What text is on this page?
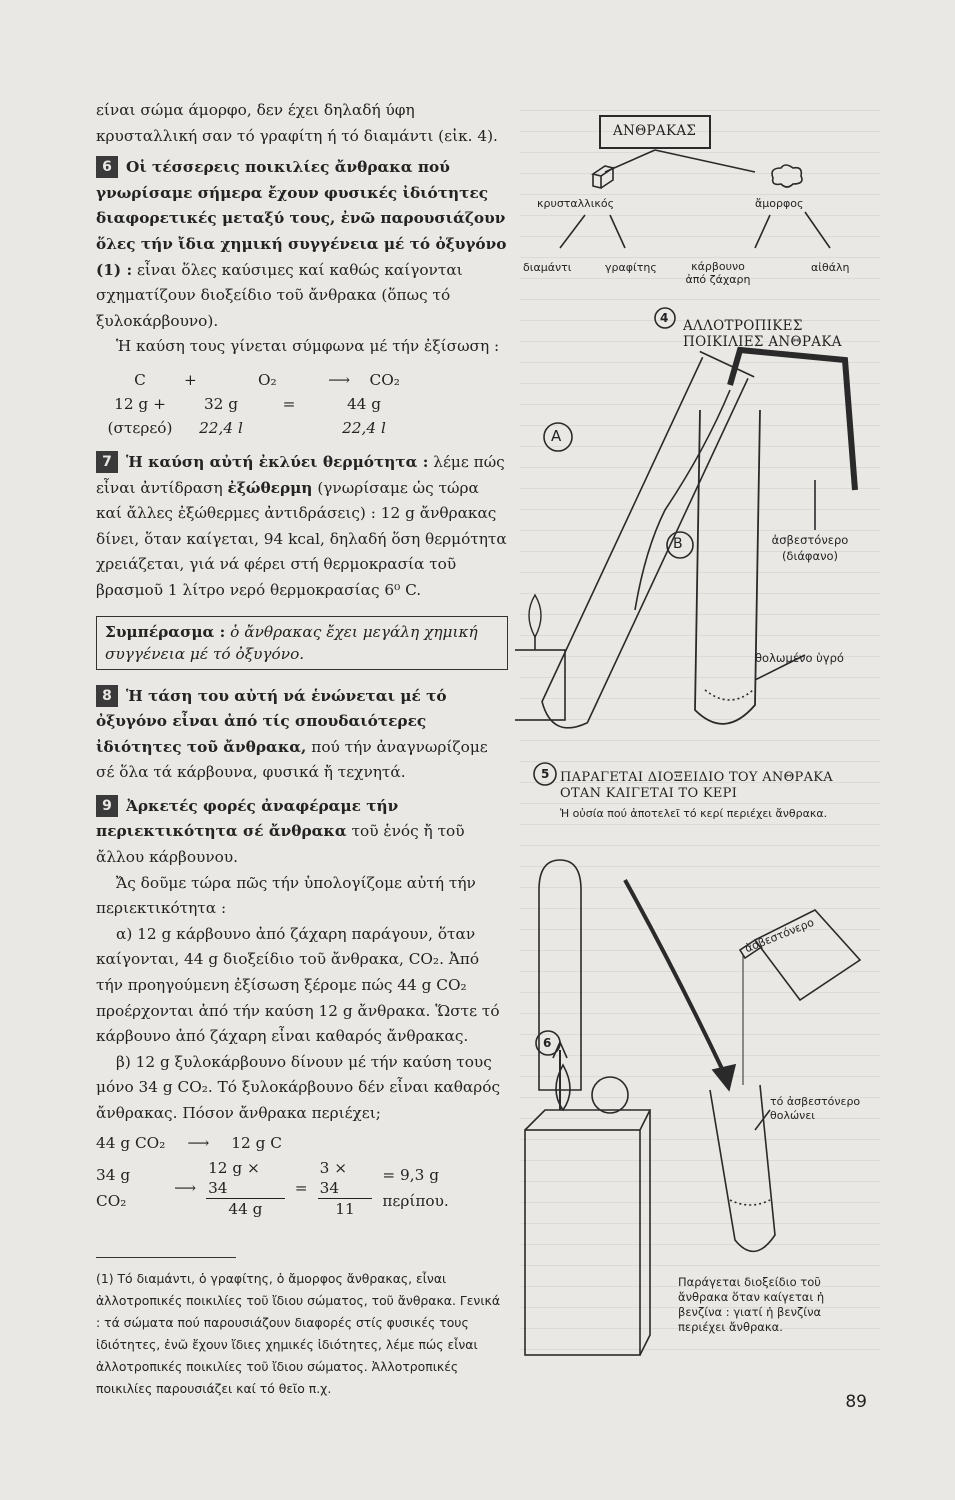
είναι σώμα άμορφο, δεν έχει δηλαδή ύφη κρυσταλλική σαν τό γραφίτη ή τό διαμάντι (εἰκ. 4).

6 Οἱ τέσσερεις ποικιλίες ἄνθρακα πού γνωρίσαμε σήμερα ἔχουν φυσικές ἰδιότητες διαφορετικές μεταξύ τους, ἐνῶ παρουσιάζουν ὅλες τήν ἴδια χημική συγγένεια μέ τό ὀξυγόνο (1) : εἶναι ὅλες καύσιμες καί καθώς καίγονται σχηματίζουν διοξείδιο τοῦ ἄνθρακα (ὅπως τό ξυλοκάρβουνο).

Ἡ καύση τους γίνεται σύμφωνα μέ τήν ἐξίσωση :

C	+	O₂	⟶ CO₂
12 g +	32 g	=	44 g
(στερεό)	22,4 l	22,4 l

7 Ἡ καύση αὐτή ἐκλύει θερμότητα : λέμε πώς εἶναι ἀντίδραση ἐξώθερμη (γνωρίσαμε ὡς τώρα καί ἄλλες ἐξώθερμες ἀντιδράσεις) : 12 g ἄνθρακας δίνει, ὅταν καίγεται, 94 kcal, δηλαδή ὅση θερμότητα χρειάζεται, γιά νά φέρει στή θερμοκρασία τοῦ βρασμοῦ 1 λίτρο νερό θερμοκρασίας 6⁰ C.

Συμπέρασμα : ὁ ἄνθρακας ἔχει μεγάλη χημική συγγένεια μέ τό ὀξυγόνο.

8 Ἡ τάση του αὐτή νά ἑνώνεται μέ τό ὀξυγόνο εἶναι ἀπό τίς σπουδαιότερες ἰδιότητες τοῦ ἄνθρακα, πού τήν ἀναγνωρίζομε σέ ὅλα τά κάρβουνα, φυσικά ἤ τεχνητά.

9 Ἀρκετές φορές ἀναφέραμε τήν περιεκτικότητα σέ ἄνθρακα τοῦ ἑνός ἤ τοῦ ἄλλου κάρβουνου.

Ἄς δοῦμε τώρα πῶς τήν ὑπολογίζομε αὐτή τήν περιεκτικότητα :

α) 12 g κάρβουνο ἀπό ζάχαρη παράγουν, ὅταν καίγονται, 44 g διοξείδιο τοῦ ἄνθρακα, CO₂. Ἀπό τήν προηγούμενη ἐξίσωση ξέρομε πώς 44 g CO₂ προέρχονται ἀπό τήν καύση 12 g ἄνθρακα. Ὥστε τό κάρβουνο ἀπό ζάχαρη εἶναι καθαρός ἄνθρακας.

β) 12 g ξυλοκάρβουνο δίνουν μέ τήν καύση τους μόνο 34 g CO₂. Τό ξυλοκάρβουνο δέν εἶναι καθαρός ἄνθρακας. Πόσον ἄνθρακα περιέχει;

44 g CO₂ ⟶ 12 g C
34 g CO₂
⟶ $\frac{12 g \times 34}{44 g} = \frac{3 \times 34}{11} = 9,3$ g περίπου.

(1) Τό διαμάντι, ὁ γραφίτης, ὁ ἄμορφος ἄνθρακας, εἶναι ἀλλοτροπικές ποικιλίες τοῦ ἴδιου σώματος, τοῦ ἄνθρακα. Γενικά : τά σώματα πού παρουσιάζουν διαφορές στίς φυσικές τους ἰδιότητες, ἐνῶ ἔχουν ἴδιες χημικές ἰδιότητες, λέμε πώς εἶναι ἀλλοτροπικές ποικιλίες τοῦ ἴδιου σώματος. Ἀλλοτροπικές ποικιλίες παρουσιάζει καί τό θεῖο π.χ.

ΑΝΘΡΑΚΑΣ
κρυσταλλικός	ἄμορφος
διαμάντι	γραφίτης	κάρβουνο ἀπό ζάχαρη
αἰθάλη
4 ΑΛΛΟΤΡΟΠΙΚΕΣ ΠΟΙΚΙΛΙΕΣ ΑΝΘΡΑΚΑ
A
B	ἀσβεστόνερο (διάφανο)
θολωμένο ὑγρό
5 ΠΑΡΑΓΕΤΑΙ ΔΙΟΞΕΙΔΙΟ ΤΟΥ ΑΝΘΡΑΚΑ ΟΤΑΝ ΚΑΙΓΕΤΑΙ ΤΟ ΚΕΡΙ
Ἡ οὐσία πού ἀποτελεῖ τό κερί περιέχει ἄνθρακα.
ἀσβεστόνερο
6
τό ἀσβεστόνερο θολώνει
Παράγεται διοξείδιο τοῦ ἄνθρακα ὅταν καίγεται ἡ βενζίνα : γιατί ἡ βενζίνα περιέχει ἄνθρακα.
89
